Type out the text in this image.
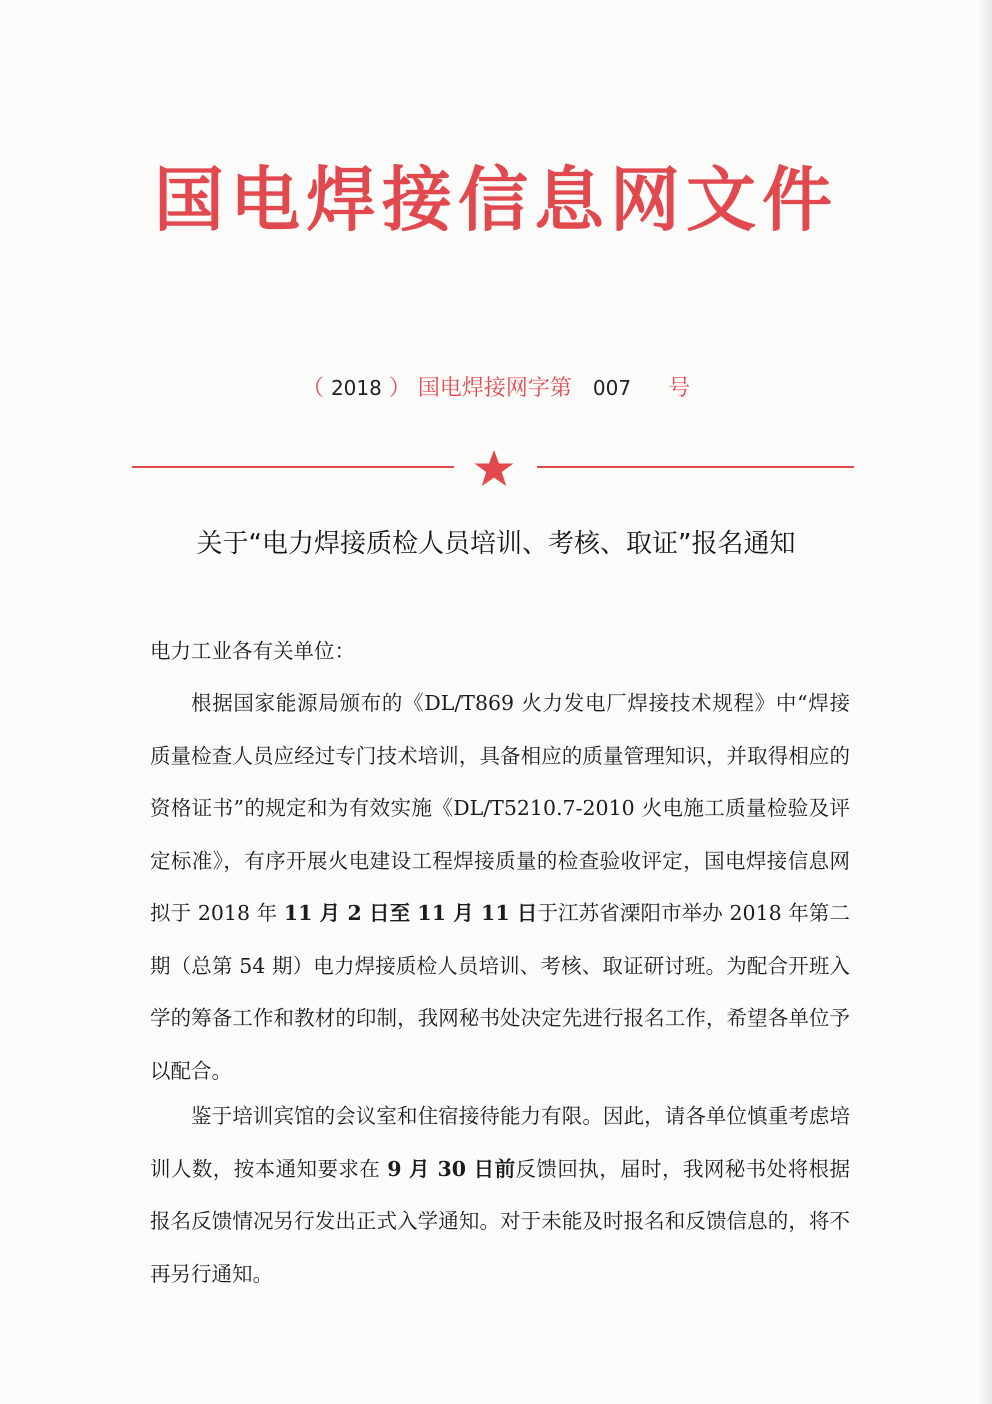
国电焊接信息网文件
（ 2018 ） 国电焊接网字第 007 号
关于“电力焊接质检人员培训、考核、取证”报名通知
电力工业各有关单位：
根据国家能源局颁布的《DL/T869 火力发电厂焊接技术规程》中“焊接质量检查人员应经过专门技术培训，具备相应的质量管理知识，并取得相应的资格证书”的规定和为有效实施《DL/T5210.7-2010 火电施工质量检验及评定标准》，有序开展火电建设工程焊接质量的检查验收评定，国电焊接信息网拟于 2018 年 11 月 2 日至 11 月 11 日于江苏省溧阳市举办 2018 年第二期（总第 54 期）电力焊接质检人员培训、考核、取证研讨班。为配合开班入学的筹备工作和教材的印制，我网秘书处决定先进行报名工作，希望各单位予以配合。
鉴于培训宾馆的会议室和住宿接待能力有限。因此，请各单位慎重考虑培训人数，按本通知要求在 9 月 30 日前反馈回执，届时，我网秘书处将根据报名反馈情况另行发出正式入学通知。对于未能及时报名和反馈信息的，将不再另行通知。
